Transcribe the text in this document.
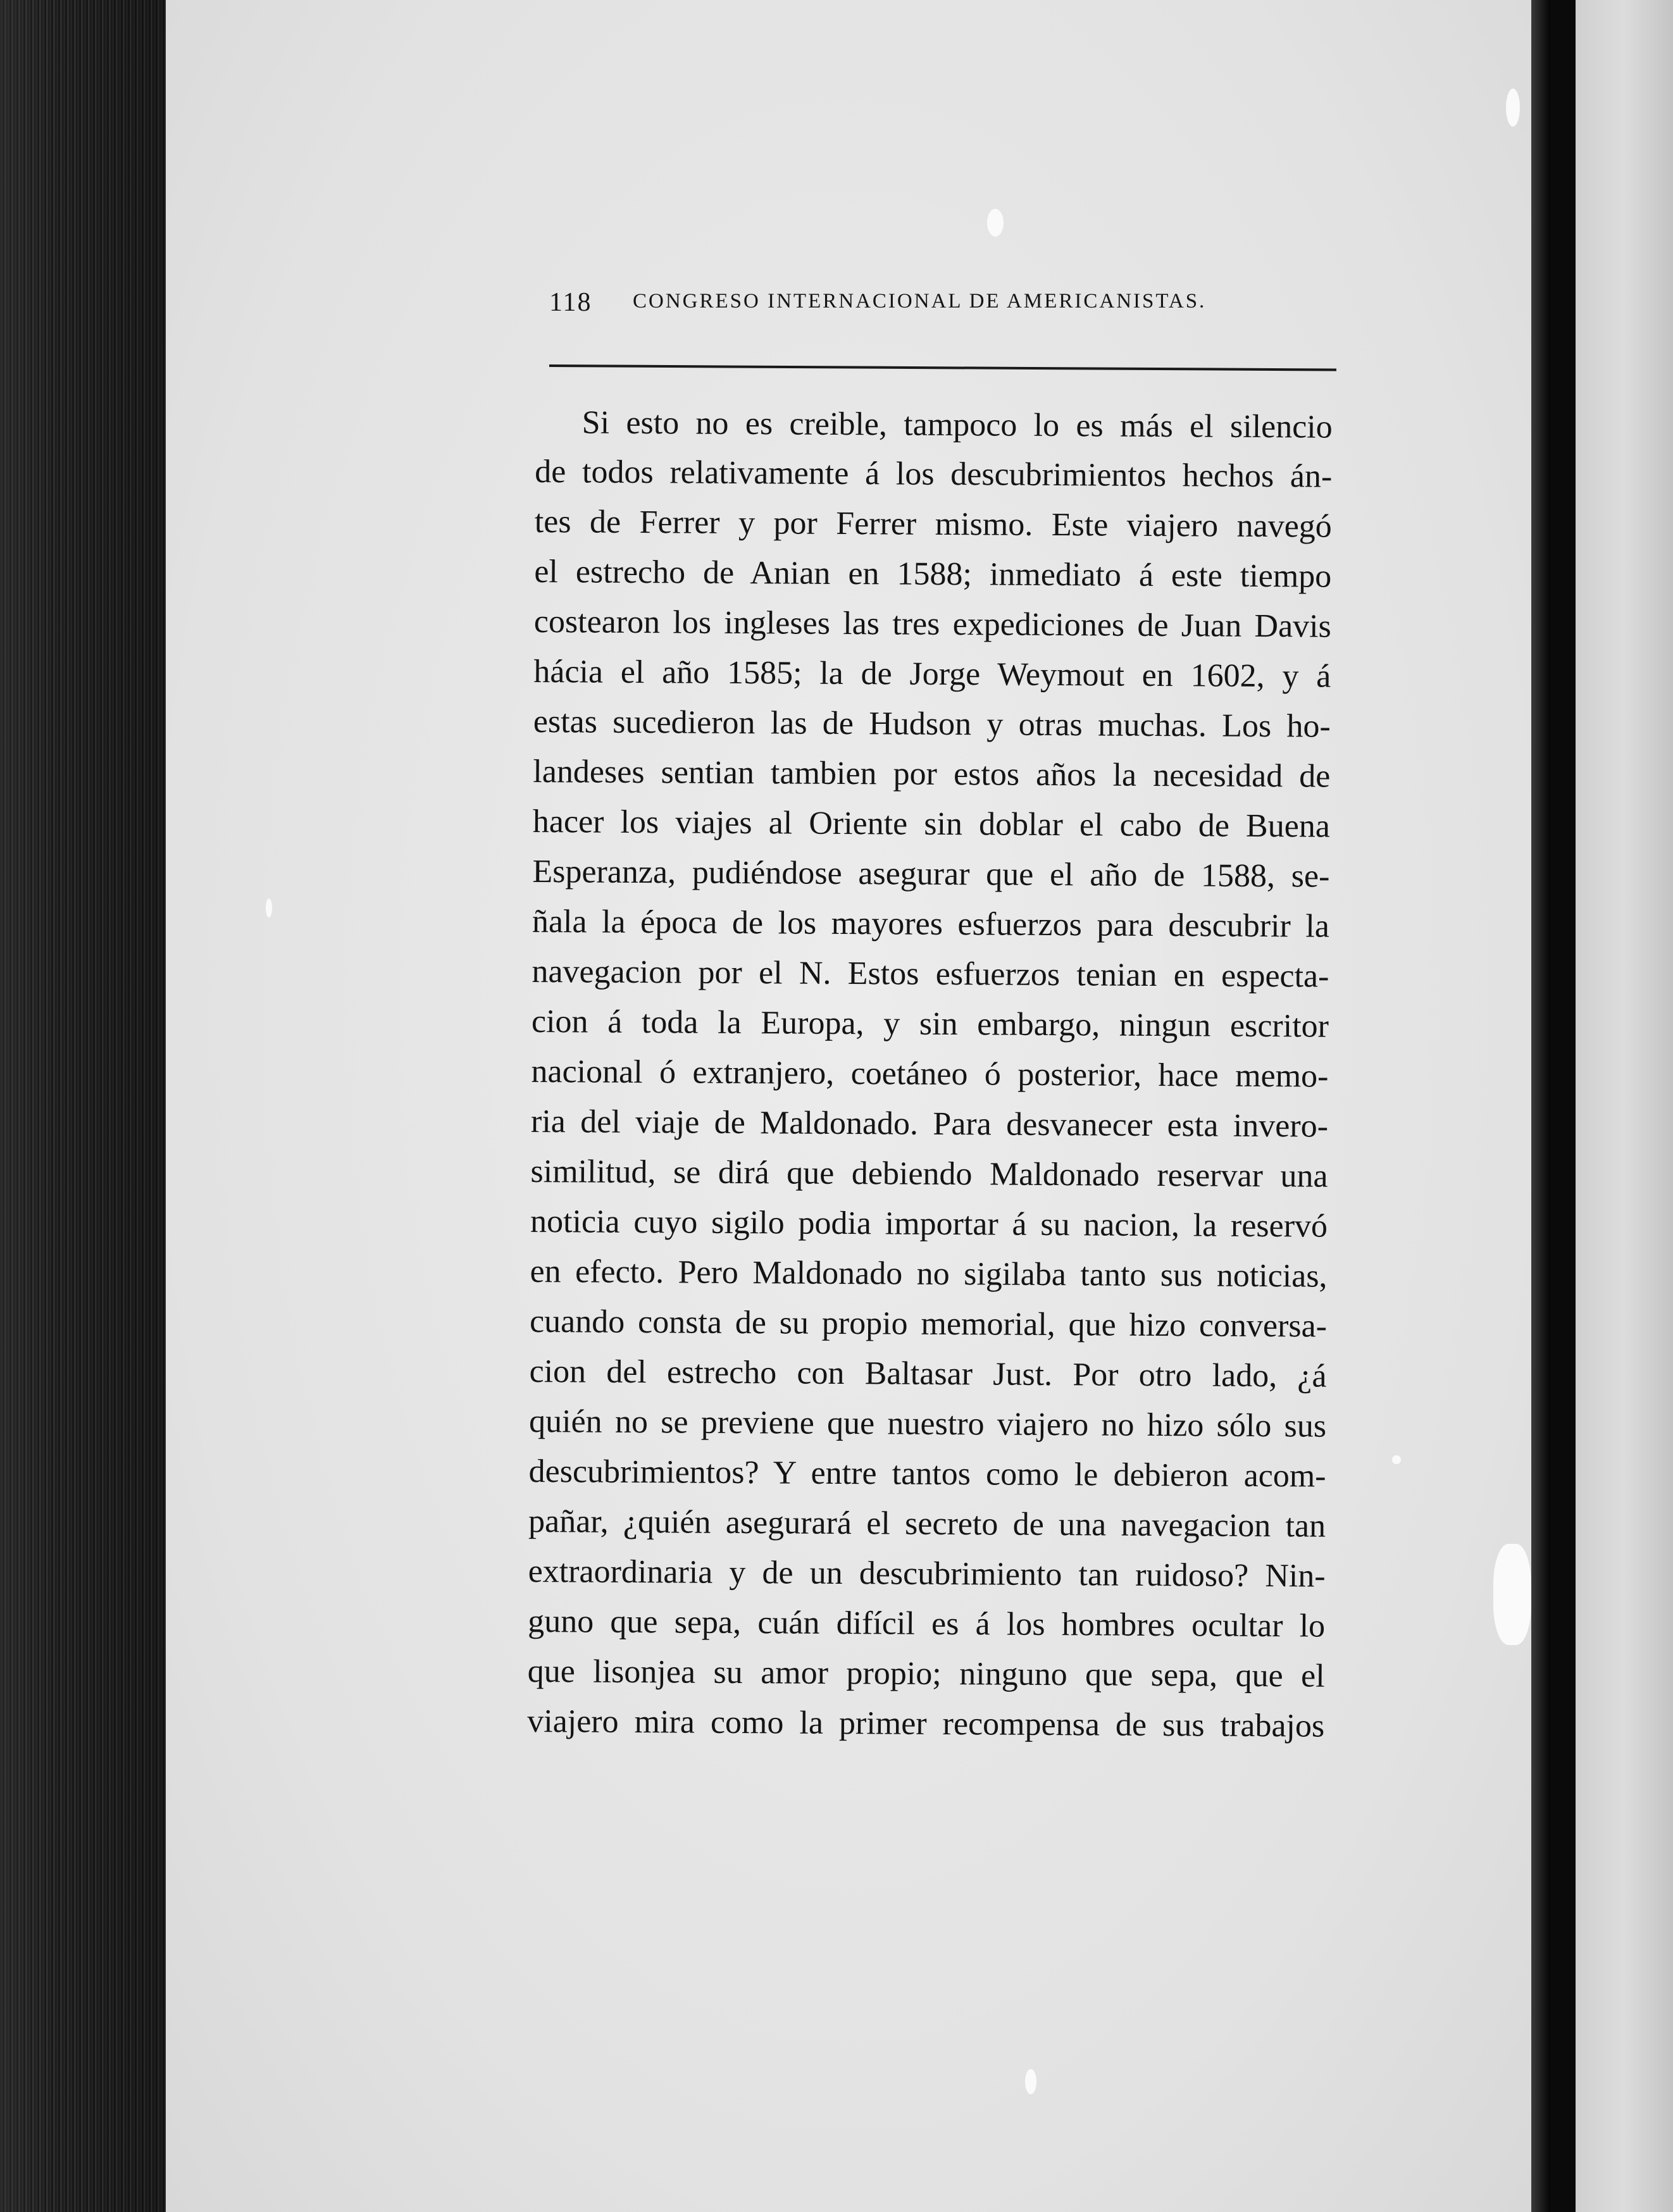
118 CONGRESO INTERNACIONAL DE AMERICANISTAS.
Si esto no es creible, tampoco lo es más el silencio
de todos relativamente á los descubrimientos hechos án-
tes de Ferrer y por Ferrer mismo. Este viajero navegó
el estrecho de Anian en 1588; inmediato á este tiempo
costearon los ingleses las tres expediciones de Juan Davis
hácia el año 1585; la de Jorge Weymout en 1602, y á
estas sucedieron las de Hudson y otras muchas. Los ho-
landeses sentian tambien por estos años la necesidad de
hacer los viajes al Oriente sin doblar el cabo de Buena
Esperanza, pudiéndose asegurar que el año de 1588, se-
ñala la época de los mayores esfuerzos para descubrir la
navegacion por el N. Estos esfuerzos tenian en especta-
cion á toda la Europa, y sin embargo, ningun escritor
nacional ó extranjero, coetáneo ó posterior, hace memo-
ria del viaje de Maldonado. Para desvanecer esta invero-
similitud, se dirá que debiendo Maldonado reservar una
noticia cuyo sigilo podia importar á su nacion, la reservó
en efecto. Pero Maldonado no sigilaba tanto sus noticias,
cuando consta de su propio memorial, que hizo conversa-
cion del estrecho con Baltasar Just. Por otro lado, ¿á
quién no se previene que nuestro viajero no hizo sólo sus
descubrimientos? Y entre tantos como le debieron acom-
pañar, ¿quién asegurará el secreto de una navegacion tan
extraordinaria y de un descubrimiento tan ruidoso? Nin-
guno que sepa, cuán difícil es á los hombres ocultar lo
que lisonjea su amor propio; ninguno que sepa, que el
viajero mira como la primer recompensa de sus trabajos
